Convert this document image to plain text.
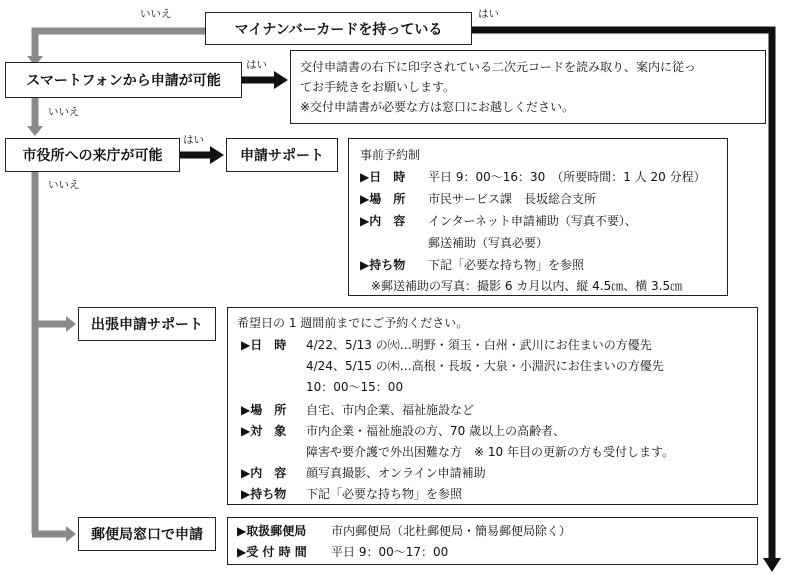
いいえ	はい
はい
いいえ
はい
いいえ
マイナンバーカードを持っている
スマートフォンから申請が可能
市役所への来庁が可能
交付申請書の右下に印字されている二次元コードを読み取り、案内に従っ
てお手続きをお願いします。
※交付申請書が必要な方は窓口にお越しください。
申請サポート	事前予約制
▶日　時 平日 9：00～16：30　（所要時間：1 人 20 分程）
▶場　所 市民サービス課　長坂総合支所
▶内　容 インターネット申請補助（写真不要）、
郵送補助（写真必要）
▶持ち物 下記「必要な持ち物」を参照
※郵送補助の写真：撮影 6 カ月以内、縦 4.5㎝、横 3.5㎝
出張申請サポート	希望日の 1 週間前までにご予約ください。
▶日　時 4/22、5/13 の㈫…明野・須玉・白州・武川にお住まいの方優先
4/24、5/15 の㈭…高根・長坂・大泉・小淵沢にお住まいの方優先
10：00～15：00
▶場　所 自宅、市内企業、福祉施設など
▶対　象 市内企業・福祉施設の方、70 歳以上の高齢者、
障害や要介護で外出困難な方　※ 10 年目の更新の方も受付します。
▶内　容 顔写真撮影、オンライン申請補助
▶持ち物 下記「必要な持ち物」を参照
郵便局窓口で申請	▶取扱郵便局 市内郵便局（北杜郵便局・簡易郵便局除く）
▶受 付 時 間 平日 9：00～17：00
